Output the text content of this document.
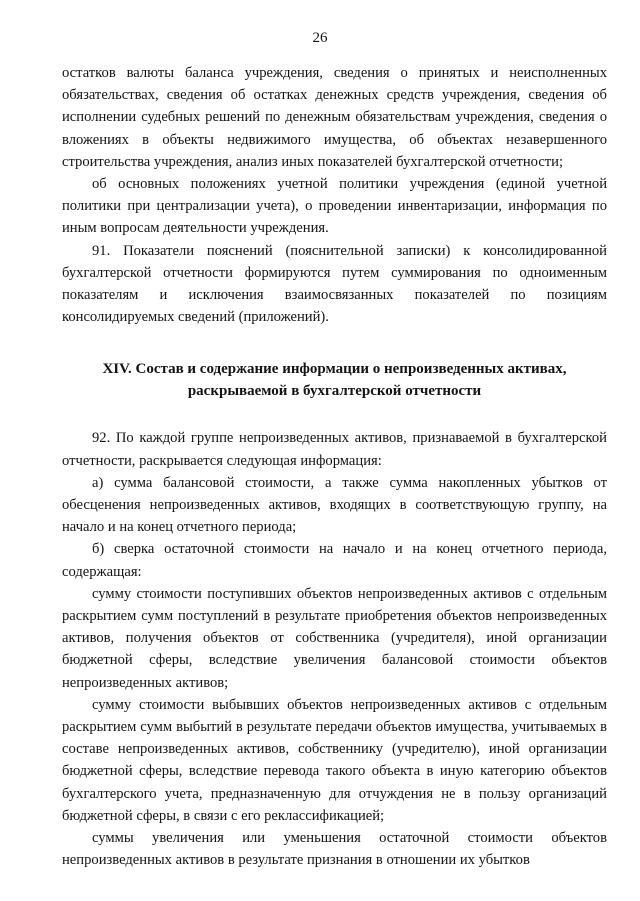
26

остатков валюты баланса учреждения, сведения о принятых и неисполненных обязательствах, сведения об остатках денежных средств учреждения, сведения об исполнении судебных решений по денежным обязательствам учреждения, сведения о вложениях в объекты недвижимого имущества, об объектах незавершенного строительства учреждения, анализ иных показателей бухгалтерской отчетности;

об основных положениях учетной политики учреждения (единой учетной политики при централизации учета), о проведении инвентаризации, информация по иным вопросам деятельности учреждения.

91. Показатели пояснений (пояснительной записки) к консолидированной бухгалтерской отчетности формируются путем суммирования по одноименным показателям и исключения взаимосвязанных показателей по позициям консолидируемых сведений (приложений).

XIV. Состав и содержание информации о непроизведенных активах,
раскрываемой в бухгалтерской отчетности

92. По каждой группе непроизведенных активов, признаваемой в бухгалтерской отчетности, раскрывается следующая информация:

а) сумма балансовой стоимости, а также сумма накопленных убытков от обесценения непроизведенных активов, входящих в соответствующую группу, на начало и на конец отчетного периода;

б) сверка остаточной стоимости на начало и на конец отчетного периода, содержащая:

сумму стоимости поступивших объектов непроизведенных активов с отдельным раскрытием сумм поступлений в результате приобретения объектов непроизведенных активов, получения объектов от собственника (учредителя), иной организации бюджетной сферы, вследствие увеличения балансовой стоимости объектов непроизведенных активов;

сумму стоимости выбывших объектов непроизведенных активов с отдельным раскрытием сумм выбытий в результате передачи объектов имущества, учитываемых в составе непроизведенных активов, собственнику (учредителю), иной организации бюджетной сферы, вследствие перевода такого объекта в иную категорию объектов бухгалтерского учета, предназначенную для отчуждения не в пользу организаций бюджетной сферы, в связи с его реклассификацией;

суммы увеличения или уменьшения остаточной стоимости объектов непроизведенных активов в результате признания в отношении их убытков
